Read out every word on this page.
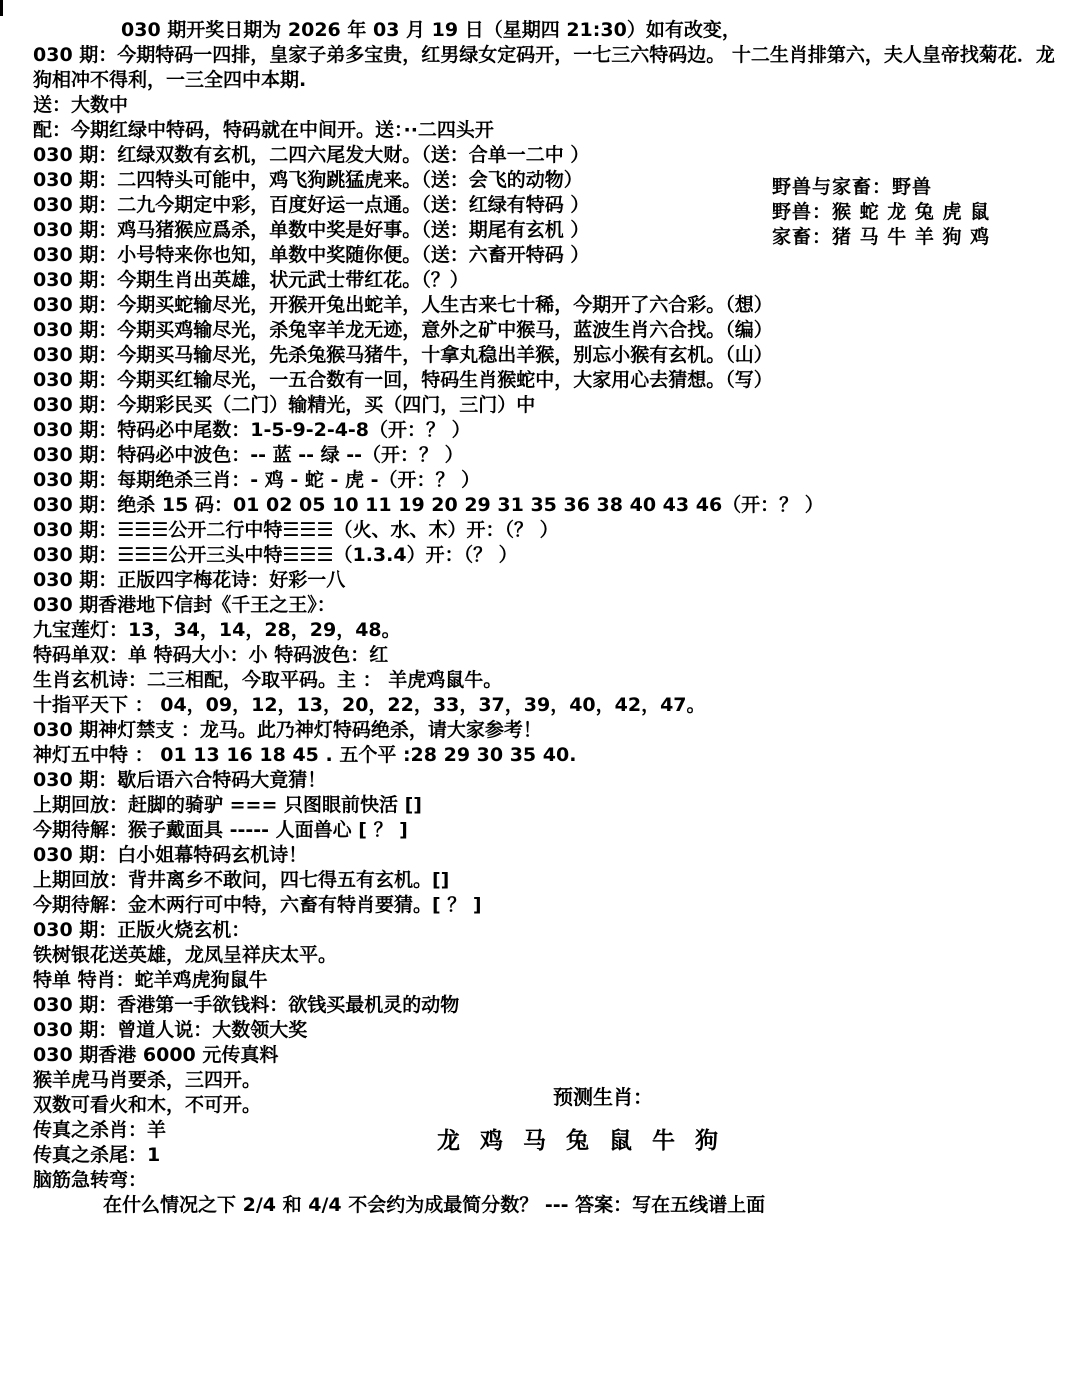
030 期开奖日期为 2026 年 03 月 19 日（星期四 21:30）如有改变，
030 期：今期特码一四排，皇家子弟多宝贵，红男绿女定码开，一七三六特码边。 十二生肖排第六，夫人皇帝找菊花．龙狗相冲不得利，一三全四中本期.
送：大数中
配：今期红绿中特码，特码就在中间开。送：··二四头开
030 期：红绿双数有玄机，二四六尾发大财。（送：合单一二中 ）
030 期：二四特头可能中，鸡飞狗跳猛虎来。（送：会飞的动物）
030 期：二九今期定中彩，百度好运一点通。（送：红绿有特码 ）
030 期：鸡马猪猴应爲杀，单数中奖是好事。（送：期尾有玄机 ）
030 期：小号特来你也知，单数中奖随你便。（送：六畜开特码 ）
030 期：今期生肖出英雄，状元武士带红花。（？）
030 期：今期买蛇输尽光，开猴开兔出蛇羊，人生古来七十稀，今期开了六合彩。（想）
030 期：今期买鸡输尽光，杀兔宰羊龙无迹，意外之矿中猴马，蓝波生肖六合找。（编）
030 期：今期买马输尽光，先杀兔猴马猪牛，十拿丸稳出羊猴，别忘小猴有玄机。（山）
030 期：今期买红输尽光，一五合数有一回，特码生肖猴蛇中，大家用心去猜想。（写）
030 期：今期彩民买（二门）输精光，买（四门，三门）中
030 期：特码必中尾数：1-5-9-2-4-8（开：？ ）
030 期：特码必中波色：-- 蓝 -- 绿 --（开：？ ）
030 期：每期绝杀三肖：- 鸡 - 蛇 - 虎 -（开：？ ）
030 期：绝杀 15 码：01 02 05 10 11 19 20 29 31 35 36 38 40 43 46（开：？ ）
030 期：☰☰☰公开二行中特☰☰☰（火、水、木）开：（？ ）
030 期：☰☰☰公开三头中特☰☰☰（1.3.4）开：（？ ）
030 期：正版四字梅花诗：好彩一八
030 期香港地下信封《千王之王》：
九宝莲灯：13，34，14，28，29，48。
特码单双：单 特码大小：小 特码波色：红
生肖玄机诗：二三相配，今取平码。主 ： 羊虎鸡鼠牛。
十指平天下 ： 04，09，12，13，20，22，33，37，39，40，42，47。
030 期神灯禁支 ：龙马。此乃神灯特码绝杀，请大家参考！
神灯五中特 ： 01 13 16 18 45 . 五个平 :28 29 30 35 40.
030 期：歇后语六合特码大竟猜！
上期回放：赶脚的骑驴 === 只图眼前快活 []
今期待解：猴子戴面具 ----- 人面兽心 [ ？ ]
030 期：白小姐幕特码玄机诗！
上期回放：背井离乡不敢问，四七得五有玄机。[]
今期待解：金木两行可中特，六畜有特肖要猜。[ ？ ]
030 期：正版火烧玄机：
铁树银花送英雄，龙凤呈祥庆太平。
特单 特肖：蛇羊鸡虎狗鼠牛
030 期：香港第一手欲钱料：欲钱买最机灵的动物
030 期：曾道人说：大数领大奖
030 期香港 6000 元传真料
猴羊虎马肖要杀，三四开。
双数可看火和木，不可开。
传真之杀肖：羊
传真之杀尾：1
脑筋急转弯：
在什么情况之下 2/4 和 4/4 不会约为成最简分数？ --- 答案：写在五线谱上面
野兽与家畜：野兽
野兽：猴 蛇 龙 兔 虎 鼠
家畜：猪 马 牛 羊 狗 鸡
预测生肖：
龙 鸡 马 兔 鼠 牛 狗
